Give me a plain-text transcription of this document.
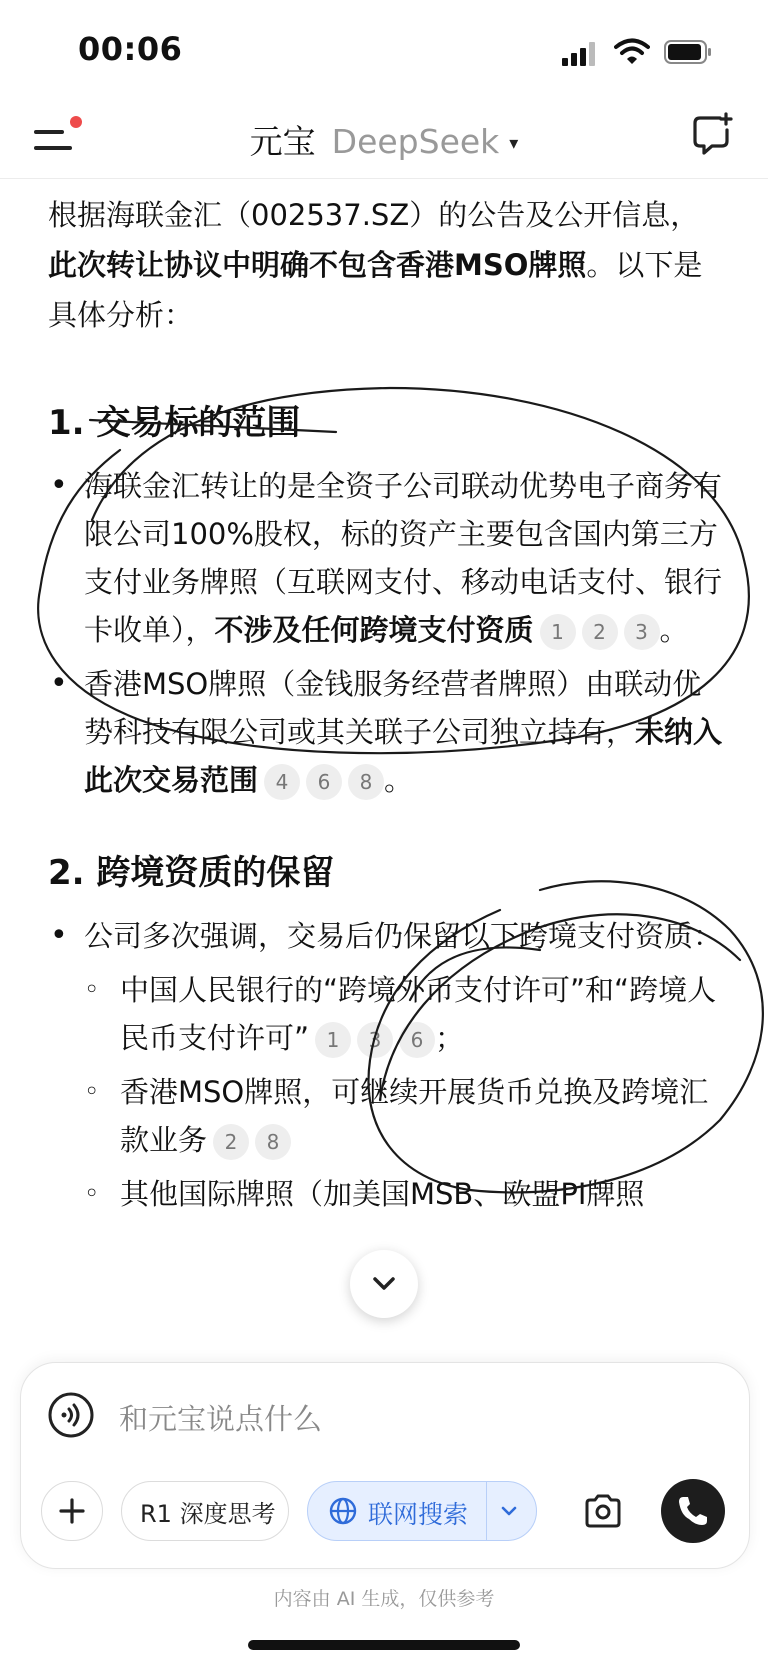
00:06
元宝 DeepSeek ▾

根据海联金汇（002537.SZ）的公告及公开信息，此次转让协议中明确不包含香港MSO牌照。以下是具体分析：

1. 交易标的范围
• 海联金汇转让的是全资子公司联动优势电子商务有限公司100%股权，标的资产主要包含国内第三方支付业务牌照（互联网支付、移动电话支付、银行卡收单），不涉及任何跨境支付资质 1 2 3 。
• 香港MSO牌照（金钱服务经营者牌照）由联动优势科技有限公司或其关联子公司独立持有，未纳入此次交易范围 4 6 8 。
2. 跨境资质的保留
• 公司多次强调，交易后仍保留以下跨境支付资质：
◦ 中国人民银行的“跨境外币支付许可”和“跨境人民币支付许可” 1 3 6 ；
◦ 香港MSO牌照，可继续开展货币兑换及跨境汇款业务 2 8
◦ 其他国际牌照（加美国MSB、欧盟PI牌照
和元宝说点什么
R1 深度思考	联网搜索
内容由 AI 生成，仅供参考
